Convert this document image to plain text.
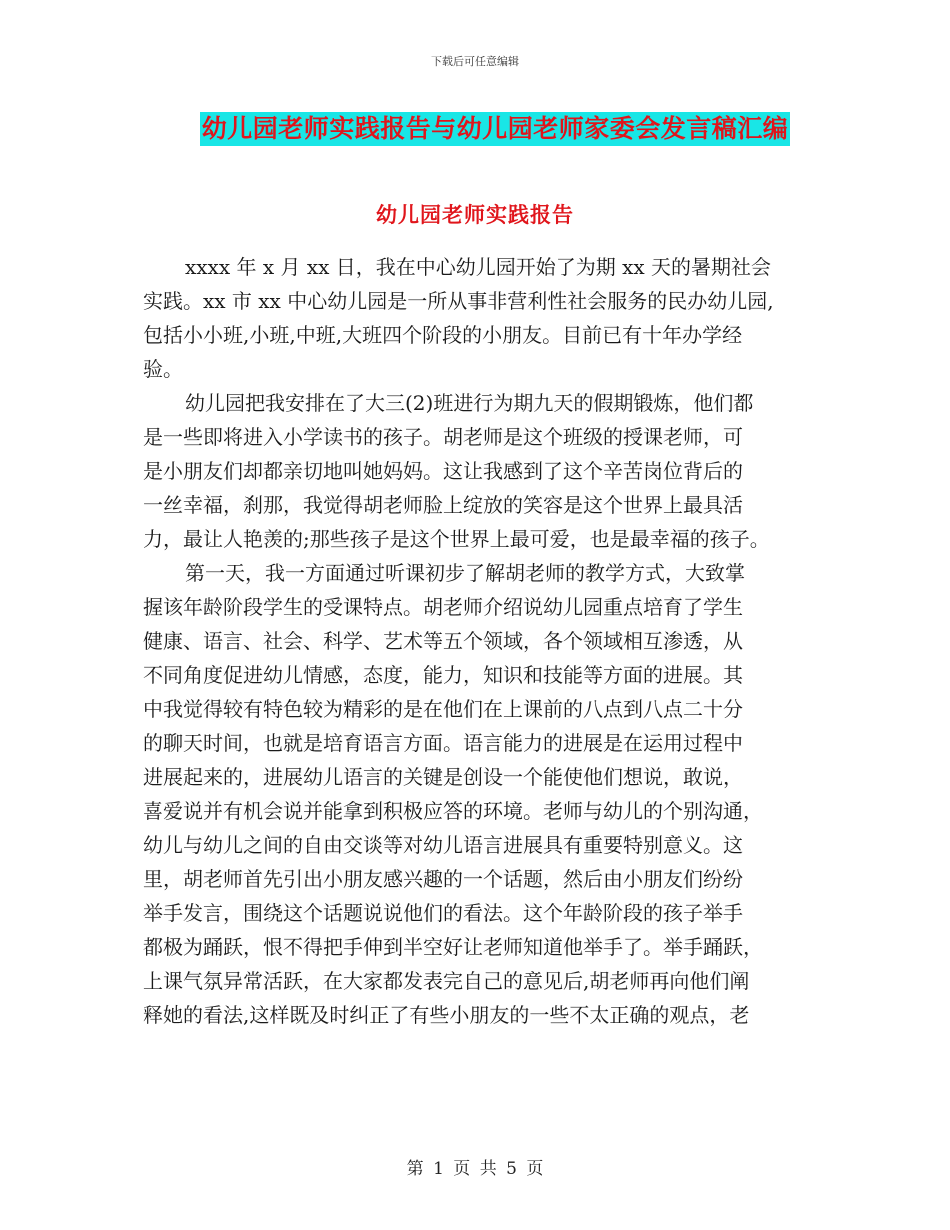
下载后可任意编辑
幼儿园老师实践报告与幼儿园老师家委会发言稿汇编
幼儿园老师实践报告
xxxx 年 x 月 xx 日，我在中心幼儿园开始了为期 xx 天的暑期社会
实践。xx 市 xx 中心幼儿园是一所从事非营利性社会服务的民办幼儿园,
包括小小班,小班,中班,大班四个阶段的小朋友。目前已有十年办学经
验。
幼儿园把我安排在了大三(2)班进行为期九天的假期锻炼，他们都
是一些即将进入小学读书的孩子。胡老师是这个班级的授课老师，可
是小朋友们却都亲切地叫她妈妈。这让我感到了这个辛苦岗位背后的
一丝幸福，刹那，我觉得胡老师脸上绽放的笑容是这个世界上最具活
力，最让人艳羡的;那些孩子是这个世界上最可爱，也是最幸福的孩子。
第一天，我一方面通过听课初步了解胡老师的教学方式，大致掌
握该年龄阶段学生的受课特点。胡老师介绍说幼儿园重点培育了学生
健康、语言、社会、科学、艺术等五个领域，各个领域相互渗透，从
不同角度促进幼儿情感，态度，能力，知识和技能等方面的进展。其
中我觉得较有特色较为精彩的是在他们在上课前的八点到八点二十分
的聊天时间，也就是培育语言方面。语言能力的进展是在运用过程中
进展起来的，进展幼儿语言的关键是创设一个能使他们想说，敢说，
喜爱说并有机会说并能拿到积极应答的环境。老师与幼儿的个别沟通，
幼儿与幼儿之间的自由交谈等对幼儿语言进展具有重要特别意义。这
里，胡老师首先引出小朋友感兴趣的一个话题，然后由小朋友们纷纷
举手发言，围绕这个话题说说他们的看法。这个年龄阶段的孩子举手
都极为踊跃，恨不得把手伸到半空好让老师知道他举手了。举手踊跃，
上课气氛异常活跃，在大家都发表完自己的意见后,胡老师再向他们阐
释她的看法,这样既及时纠正了有些小朋友的一些不太正确的观点，老
第 1 页 共 5 页
